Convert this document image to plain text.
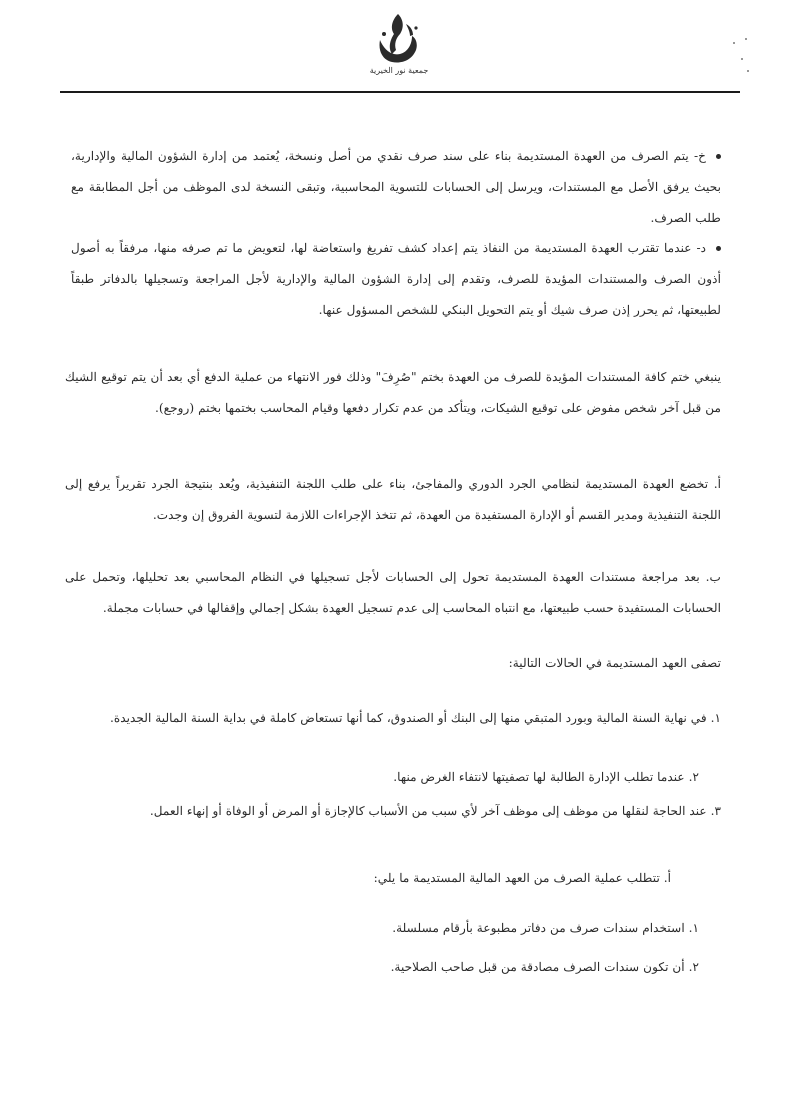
جمعية نور الخيرية
خ- يتم الصرف من العهدة المستديمة بناء على سند صرف نقدي من أصل ونسخة، يُعتمد من إدارة الشؤون المالية والإدارية، بحيث يرفق الأصل مع المستندات، ويرسل إلى الحسابات للتسوية المحاسبية، وتبقى النسخة لدى الموظف من أجل المطابقة مع طلب الصرف.
د- عندما تقترب العهدة المستديمة من النفاذ يتم إعداد كشف تفريغ واستعاضة لها، لتعويض ما تم صرفه منها، مرفقاً به أصول أذون الصرف والمستندات المؤيدة للصرف، وتقدم إلى إدارة الشؤون المالية والإدارية لأجل المراجعة وتسجيلها بالدفاتر طبقاً لطبيعتها، ثم يحرر إذن صرف شيك أو يتم التحويل البنكي للشخص المسؤول عنها.
ينبغي ختم كافة المستندات المؤيدة للصرف من العهدة بختم "صُرِفَ" وذلك فور الانتهاء من عملية الدفع أي بعد أن يتم توقيع الشيك من قبل آخر شخص مفوض على توقيع الشيكات، ويتأكد من عدم تكرار دفعها وقيام المحاسب بختمها بختم (روجع).
أ. تخضع العهدة المستديمة لنظامي الجرد الدوري والمفاجئ، بناء على طلب اللجنة التنفيذية، ويُعد بنتيجة الجرد تقريراً يرفع إلى اللجنة التنفيذية ومدير القسم أو الإدارة المستفيدة من العهدة، ثم تتخذ الإجراءات اللازمة لتسوية الفروق إن وجدت.
ب. بعد مراجعة مستندات العهدة المستديمة تحول إلى الحسابات لأجل تسجيلها في النظام المحاسبي بعد تحليلها، وتحمل على الحسابات المستفيدة حسب طبيعتها، مع انتباه المحاسب إلى عدم تسجيل العهدة بشكل إجمالي وإقفالها في حسابات مجملة.
تصفى العهد المستديمة في الحالات التالية:
١. في نهاية السنة المالية وبورد المتبقي منها إلى البنك أو الصندوق، كما أنها تستعاض كاملة في بداية السنة المالية الجديدة.
٢. عندما تطلب الإدارة الطالبة لها تصفيتها لانتفاء الغرض منها.
٣. عند الحاجة لنقلها من موظف إلى موظف آخر لأي سبب من الأسباب كالإجازة أو المرض أو الوفاة أو إنهاء العمل.
أ. تتطلب عملية الصرف من العهد المالية المستديمة ما يلي:
١. استخدام سندات صرف من دفاتر مطبوعة بأرقام مسلسلة.
٢. أن تكون سندات الصرف مصادقة من قبل صاحب الصلاحية.
